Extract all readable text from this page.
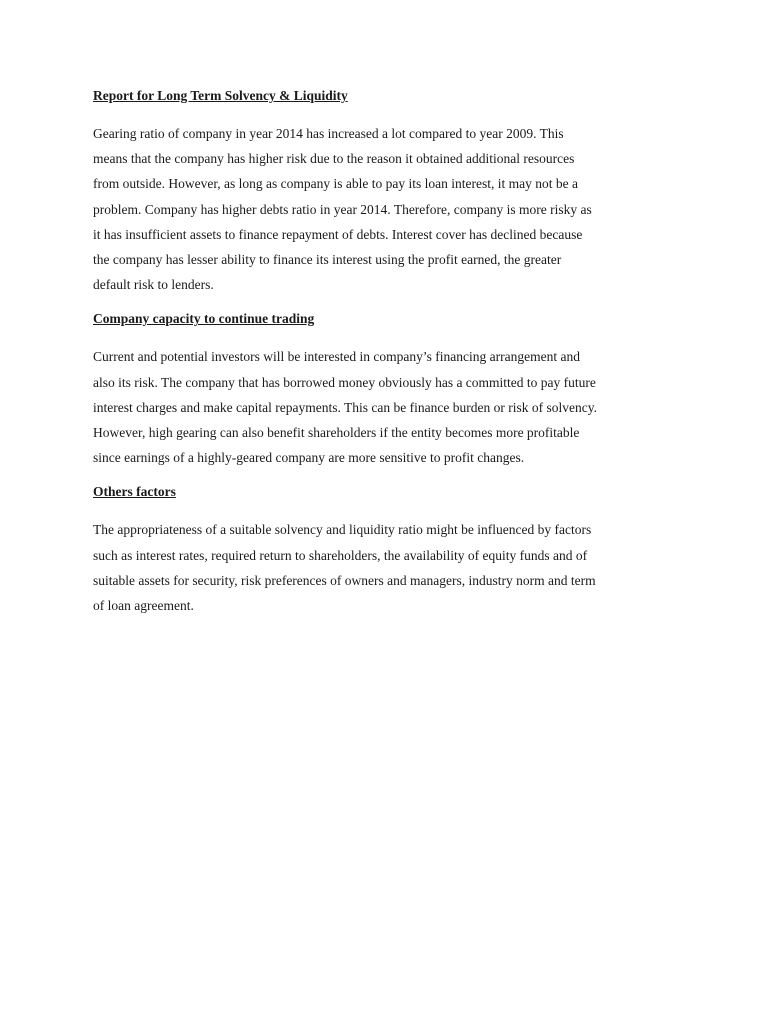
Report for Long Term Solvency & Liquidity

Gearing ratio of company in year 2014 has increased a lot compared to year 2009. This
means that the company has higher risk due to the reason it obtained additional resources
from outside. However, as long as company is able to pay its loan interest, it may not be a
problem. Company has higher debts ratio in year 2014. Therefore, company is more risky as
it has insufficient assets to finance repayment of debts. Interest cover has declined because
the company has lesser ability to finance its interest using the profit earned, the greater
default risk to lenders.

Company capacity to continue trading

Current and potential investors will be interested in company’s financing arrangement and
also its risk. The company that has borrowed money obviously has a committed to pay future
interest charges and make capital repayments. This can be finance burden or risk of solvency.
However, high gearing can also benefit shareholders if the entity becomes more profitable
since earnings of a highly-geared company are more sensitive to profit changes.

Others factors

The appropriateness of a suitable solvency and liquidity ratio might be influenced by factors
such as interest rates, required return to shareholders, the availability of equity funds and of
suitable assets for security, risk preferences of owners and managers, industry norm and term
of loan agreement.
